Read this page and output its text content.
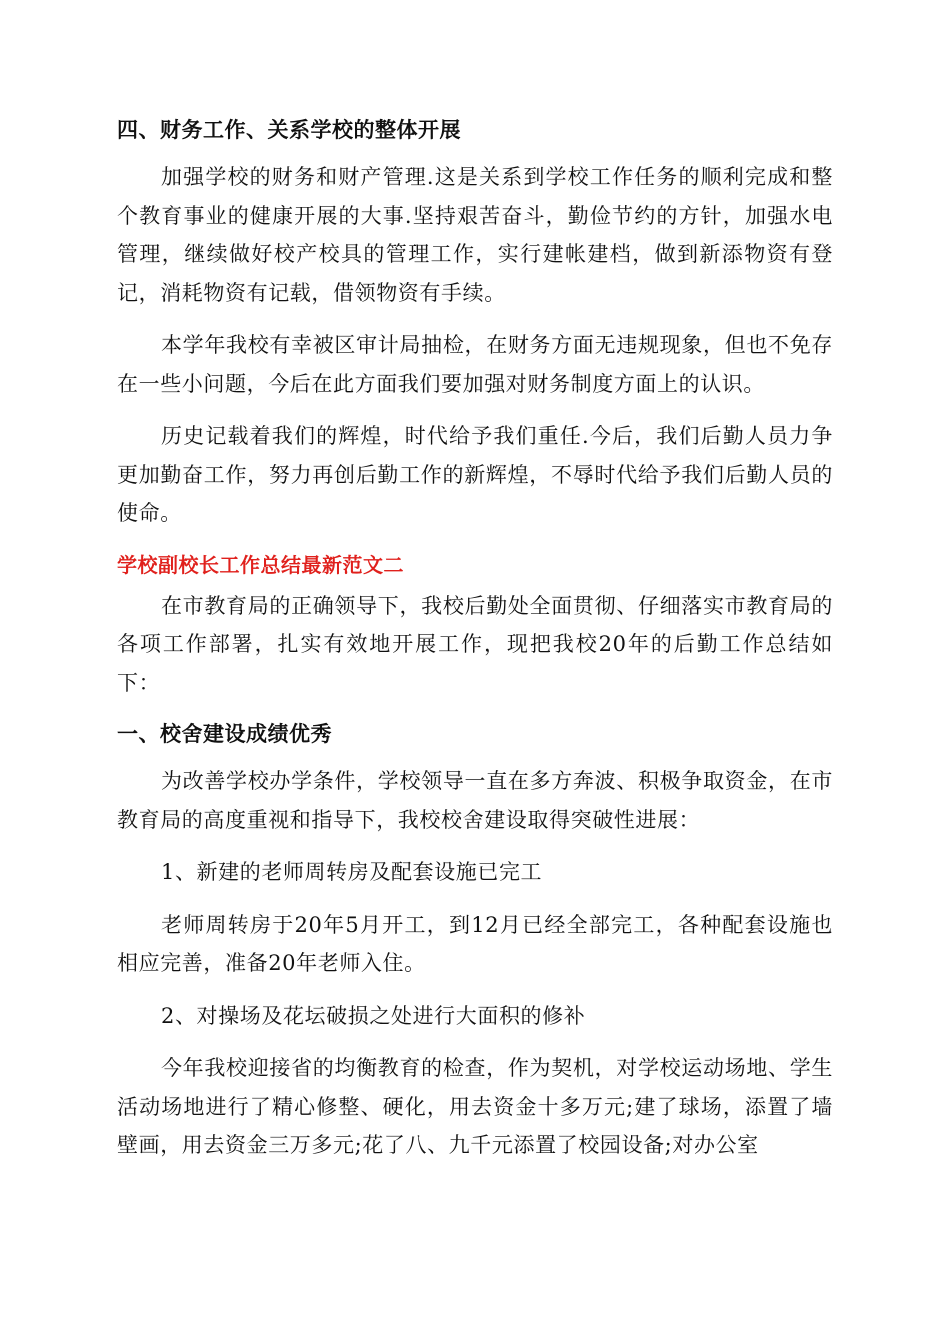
四、财务工作、关系学校的整体开展

加强学校的财务和财产管理.这是关系到学校工作任务的顺利完成和整个教育事业的健康开展的大事.坚持艰苦奋斗，勤俭节约的方针，加强水电管理，继续做好校产校具的管理工作，实行建帐建档，做到新添物资有登记，消耗物资有记载，借领物资有手续。

本学年我校有幸被区审计局抽检，在财务方面无违规现象，但也不免存在一些小问题，今后在此方面我们要加强对财务制度方面上的认识。

历史记载着我们的辉煌，时代给予我们重任.今后，我们后勤人员力争更加勤奋工作，努力再创后勤工作的新辉煌，不辱时代给予我们后勤人员的使命。

学校副校长工作总结最新范文二

在市教育局的正确领导下，我校后勤处全面贯彻、仔细落实市教育局的各项工作部署，扎实有效地开展工作，现把我校20年的后勤工作总结如下：

一、校舍建设成绩优秀

为改善学校办学条件，学校领导一直在多方奔波、积极争取资金，在市教育局的高度重视和指导下，我校校舍建设取得突破性进展：

1、新建的老师周转房及配套设施已完工

老师周转房于20年5月开工，到12月已经全部完工，各种配套设施也相应完善，准备20年老师入住。

2、对操场及花坛破损之处进行大面积的修补

今年我校迎接省的均衡教育的检查，作为契机，对学校运动场地、学生活动场地进行了精心修整、硬化，用去资金十多万元;建了球场，添置了墙壁画，用去资金三万多元;花了八、九千元添置了校园设备;对办公室
